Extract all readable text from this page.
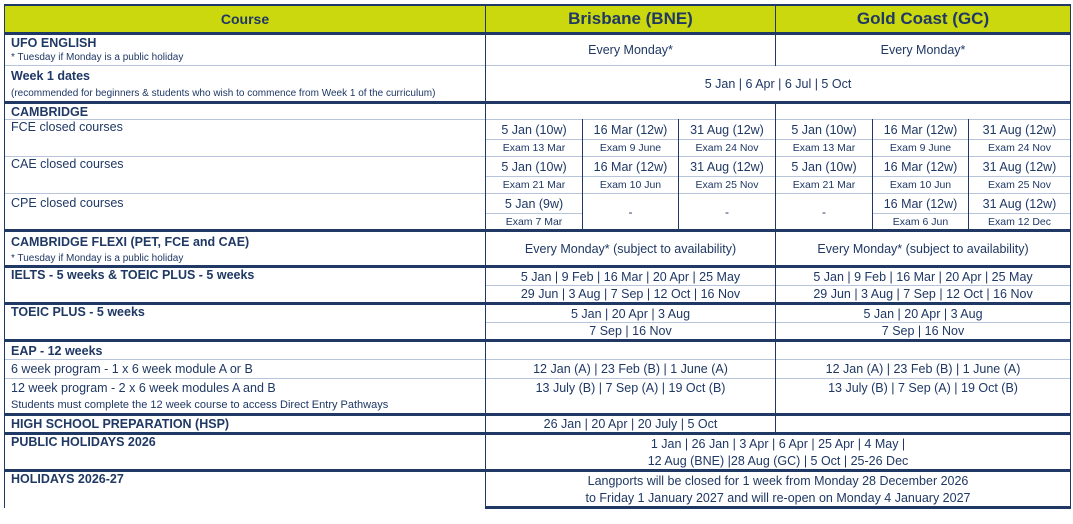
Course	Brisbane (BNE)			Gold Coast (GC)		
UFO ENGLISH	Every Monday*			Every Monday*		
* Tuesday if Monday is a public holiday						
Week 1 dates	5 Jan | 6 Apr | 6 Jul | 5 Oct					
(recommended for beginners & students who wish to commence from Week 1 of the curriculum)						
CAMBRIDGE						
FCE closed courses	5 Jan (10w)	16 Mar (12w)	31 Aug (12w)	5 Jan (10w)	16 Mar (12w)	31 Aug (12w)
	Exam 13 Mar	Exam 9 June	Exam 24 Nov	Exam 13 Mar	Exam 9 June	Exam 24 Nov
CAE closed courses	5 Jan (10w)	16 Mar (12w)	31 Aug (12w)	5 Jan (10w)	16 Mar (12w)	31 Aug (12w)
	Exam 21 Mar	Exam 10 Jun	Exam 25 Nov	Exam 21 Mar	Exam 10 Jun	Exam 25 Nov
CPE closed courses	5 Jan (9w)	-	-	-	16 Mar (12w)	31 Aug (12w)
	Exam 7 Mar				Exam 6 Jun	Exam 12 Dec
CAMBRIDGE FLEXI (PET, FCE and CAE)	Every Monday* (subject to availability)			Every Monday* (subject to availability)		
* Tuesday if Monday is a public holiday						
IELTS - 5 weeks & TOEIC PLUS - 5 weeks	5 Jan | 9 Feb | 16 Mar | 20 Apr | 25 May			5 Jan | 9 Feb | 16 Mar | 20 Apr | 25 May		
	29 Jun | 3 Aug | 7 Sep | 12 Oct | 16 Nov			29 Jun | 3 Aug | 7 Sep | 12 Oct | 16 Nov		
TOEIC PLUS - 5 weeks	5 Jan | 20 Apr | 3 Aug			5 Jan | 20 Apr | 3 Aug		
	7 Sep | 16 Nov			7 Sep | 16 Nov		
EAP - 12 weeks						
6 week program - 1 x 6 week module A or B	12 Jan (A) | 23 Feb (B) | 1 June (A)			12 Jan (A) | 23 Feb (B) | 1 June (A)		
12 week program - 2 x 6 week modules A and B	13 July (B) | 7 Sep (A) | 19 Oct (B)			13 July (B) | 7 Sep (A) | 19 Oct (B)		
Students must complete the 12 week course to access Direct Entry Pathways						
HIGH SCHOOL PREPARATION (HSP)	26 Jan | 20 Apr | 20 July | 5 Oct					
PUBLIC HOLIDAYS 2026	1 Jan | 26 Jan | 3 Apr | 6 Apr | 25 Apr | 4 May |					
	12 Aug (BNE) |28 Aug (GC) | 5 Oct | 25-26 Dec					
HOLIDAYS 2026-27	Langports will be closed for 1 week from Monday 28 December 2026					
	to Friday 1 January 2027 and will re-open on Monday 4 January 2027					
